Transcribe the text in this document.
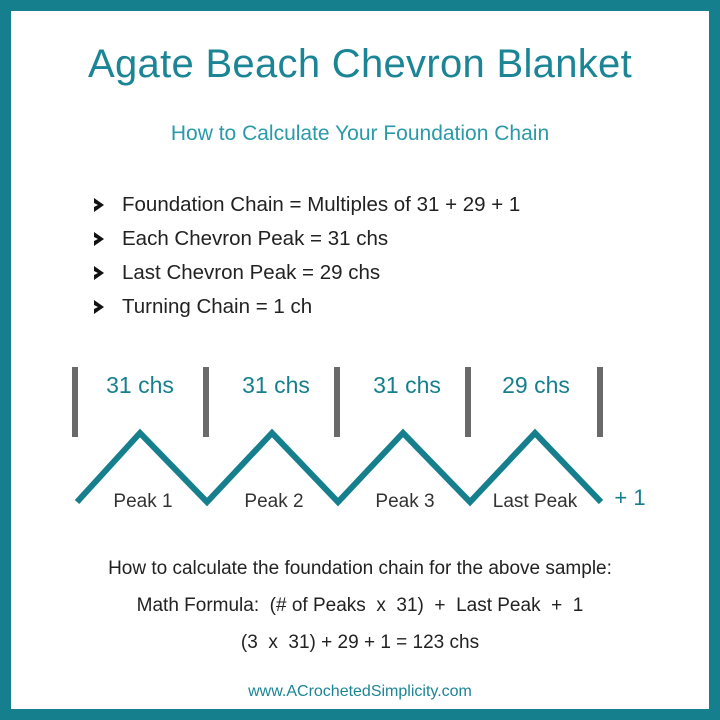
Agate Beach Chevron Blanket
How to Calculate Your Foundation Chain
Foundation Chain = Multiples of 31 + 29 + 1
Each Chevron Peak = 31 chs
Last Chevron Peak = 29 chs
Turning Chain = 1 ch
31 chs	31 chs	31 chs	29 chs
Peak 1	Peak 2	Peak 3	Last Peak + 1
How to calculate the foundation chain for the above sample:
Math Formula:  (# of Peaks  x  31)  +  Last Peak  +  1
(3  x  31) + 29 + 1 = 123 chs
www.ACrochetedSimplicity.com
